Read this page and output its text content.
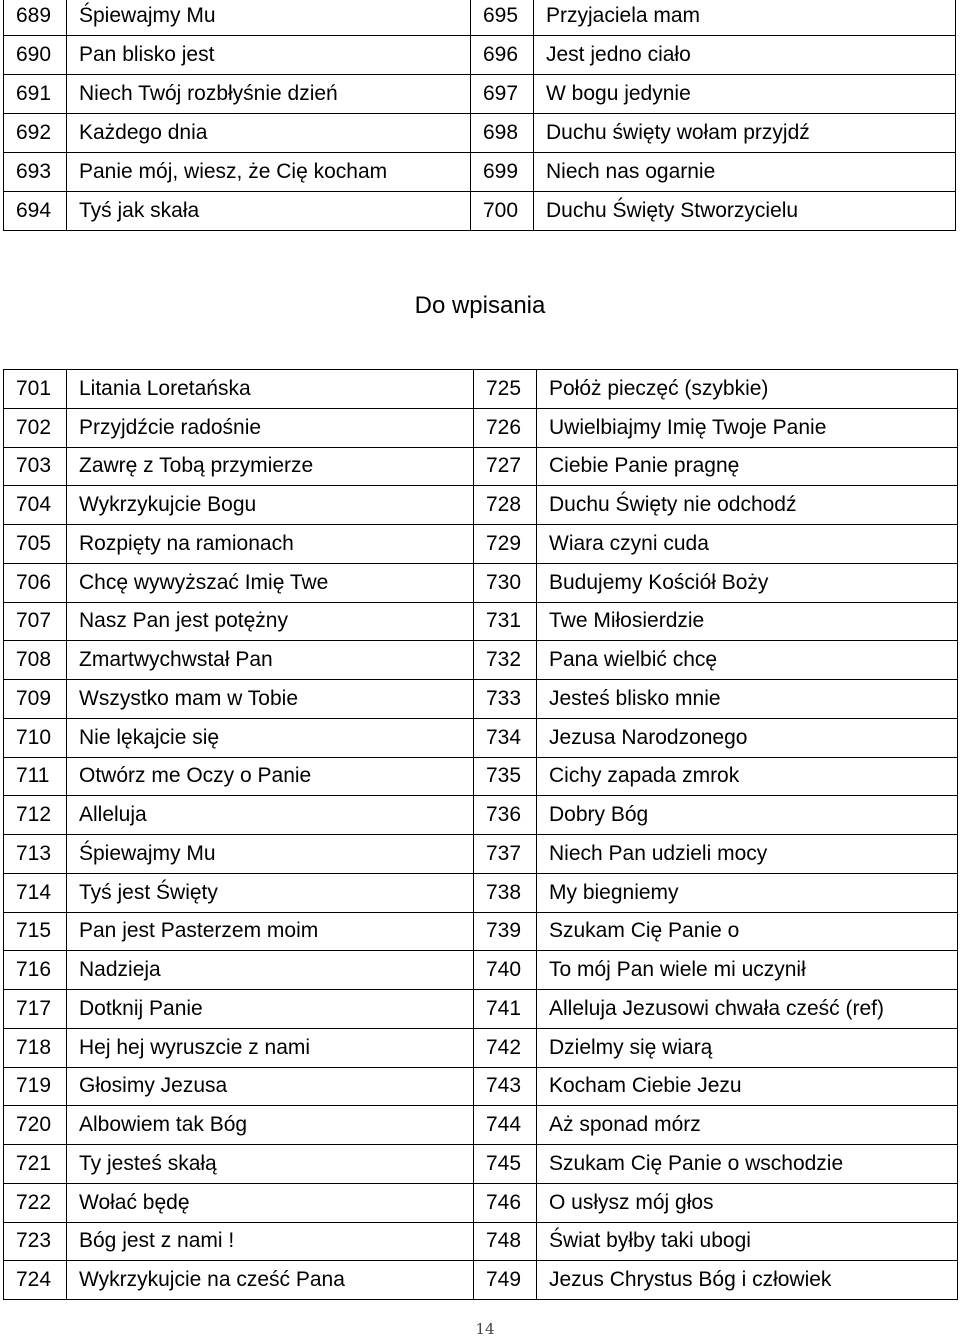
689	Śpiewajmy Mu	695	Przyjaciela mam
690	Pan blisko jest	696	Jest jedno ciało
691	Niech Twój rozbłyśnie dzień	697	W bogu jedynie
692	Każdego dnia	698	Duchu święty wołam przyjdź
693	Panie mój, wiesz, że Cię kocham	699	Niech nas ogarnie
694	Tyś jak skała	700	Duchu Święty Stworzycielu
Do wpisania
701	Litania Loretańska	725	Połóż pieczęć (szybkie)
702	Przyjdźcie radośnie	726	Uwielbiajmy Imię Twoje Panie
703	Zawrę z Tobą przymierze	727	Ciebie Panie pragnę
704	Wykrzykujcie Bogu	728	Duchu Święty nie odchodź
705	Rozpięty na ramionach	729	Wiara czyni cuda
706	Chcę wywyższać Imię Twe	730	Budujemy Kościół Boży
707	Nasz Pan jest potężny	731	Twe Miłosierdzie
708	Zmartwychwstał Pan	732	Pana wielbić chcę
709	Wszystko mam w Tobie	733	Jesteś blisko mnie
710	Nie lękajcie się	734	Jezusa Narodzonego
711	Otwórz me Oczy o Panie	735	Cichy zapada zmrok
712	Alleluja	736	Dobry Bóg
713	Śpiewajmy Mu	737	Niech Pan udzieli mocy
714	Tyś jest Święty	738	My biegniemy
715	Pan jest Pasterzem moim	739	Szukam Cię Panie o
716	Nadzieja	740	To mój Pan wiele mi uczynił
717	Dotknij Panie	741	Alleluja Jezusowi chwała cześć (ref)
718	Hej hej wyruszcie z nami	742	Dzielmy się wiarą
719	Głosimy Jezusa	743	Kocham Ciebie Jezu
720	Albowiem tak Bóg	744	Aż sponad mórz
721	Ty jesteś skałą	745	Szukam Cię Panie o wschodzie
722	Wołać będę	746	O usłysz mój głos
723	Bóg jest z nami !	748	Świat byłby taki ubogi
724	Wykrzykujcie na cześć Pana	749	Jezus Chrystus Bóg i człowiek
14
